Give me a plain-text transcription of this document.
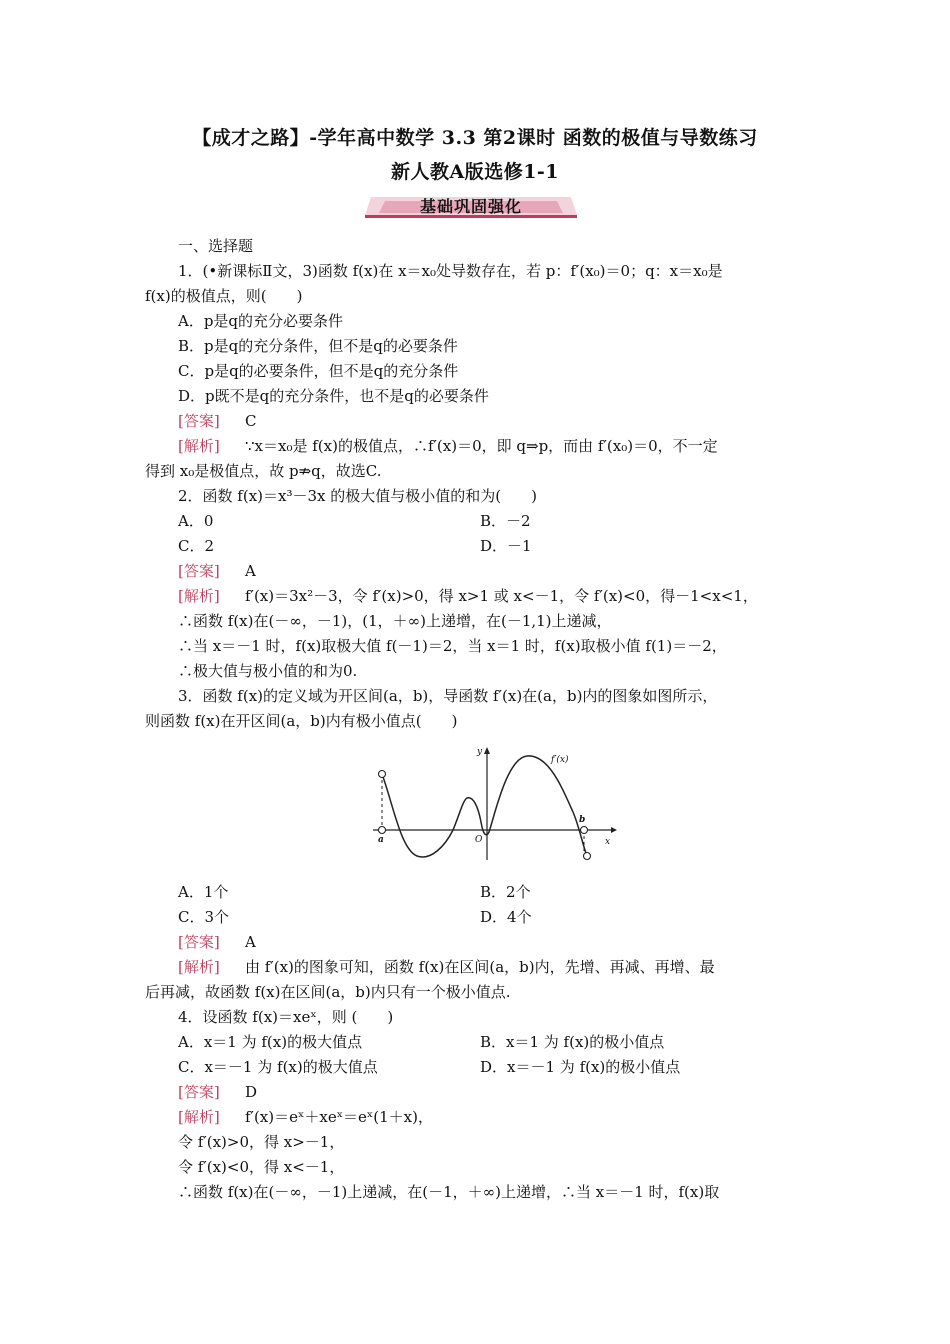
【成才之路】-学年高中数学 3.3 第2课时 函数的极值与导数练习
新人教A版选修1-1
基础巩固强化
一、选择题
1．(•新课标Ⅱ文，3)函数 f(x)在 x＝x₀处导数存在，若 p：f′(x₀)＝0；q：x＝x₀是
f(x)的极值点，则(　　)
A．p是q的充分必要条件
B．p是q的充分条件，但不是q的必要条件
C．p是q的必要条件，但不是q的充分条件
D．p既不是q的充分条件，也不是q的必要条件
[答案] C
[解析] ∵x＝x₀是 f(x)的极值点，∴f′(x)＝0，即 q⇒p，而由 f′(x₀)＝0，不一定
得到 x₀是极值点，故 p⇏q，故选C.
2．函数 f(x)＝x³－3x 的极大值与极小值的和为(　　)
A．0	B．－2
C．2	D．－1
[答案] A
[解析] f′(x)＝3x²－3，令 f′(x)>0，得 x>1 或 x<－1，令 f′(x)<0，得－1<x<1，
∴函数 f(x)在(－∞，－1)，(1，＋∞)上递增，在(－1,1)上递减，
∴当 x＝－1 时，f(x)取极大值 f(－1)＝2，当 x＝1 时，f(x)取极小值 f(1)＝－2，
∴极大值与极小值的和为0.
3．函数 f(x)的定义域为开区间(a，b)，导函数 f′(x)在(a，b)内的图象如图所示，
则函数 f(x)在开区间(a，b)内有极小值点(　　)
f′(x)
y
x
O
a
b
A．1个	B．2个
C．3个	D．4个
[答案] A
[解析] 由 f′(x)的图象可知，函数 f(x)在区间(a，b)内，先增、再减、再增、最
后再减，故函数 f(x)在区间(a，b)内只有一个极小值点.
4．设函数 f(x)＝xeˣ，则 (　　)
A．x＝1 为 f(x)的极大值点	B．x＝1 为 f(x)的极小值点
C．x＝－1 为 f(x)的极大值点	D．x＝－1 为 f(x)的极小值点
[答案] D
[解析] f′(x)＝eˣ＋xeˣ＝eˣ(1＋x)，
令 f′(x)>0，得 x>－1，
令 f′(x)<0，得 x<－1，
∴函数 f(x)在(－∞，－1)上递减，在(－1，＋∞)上递增，∴当 x＝－1 时，f(x)取
